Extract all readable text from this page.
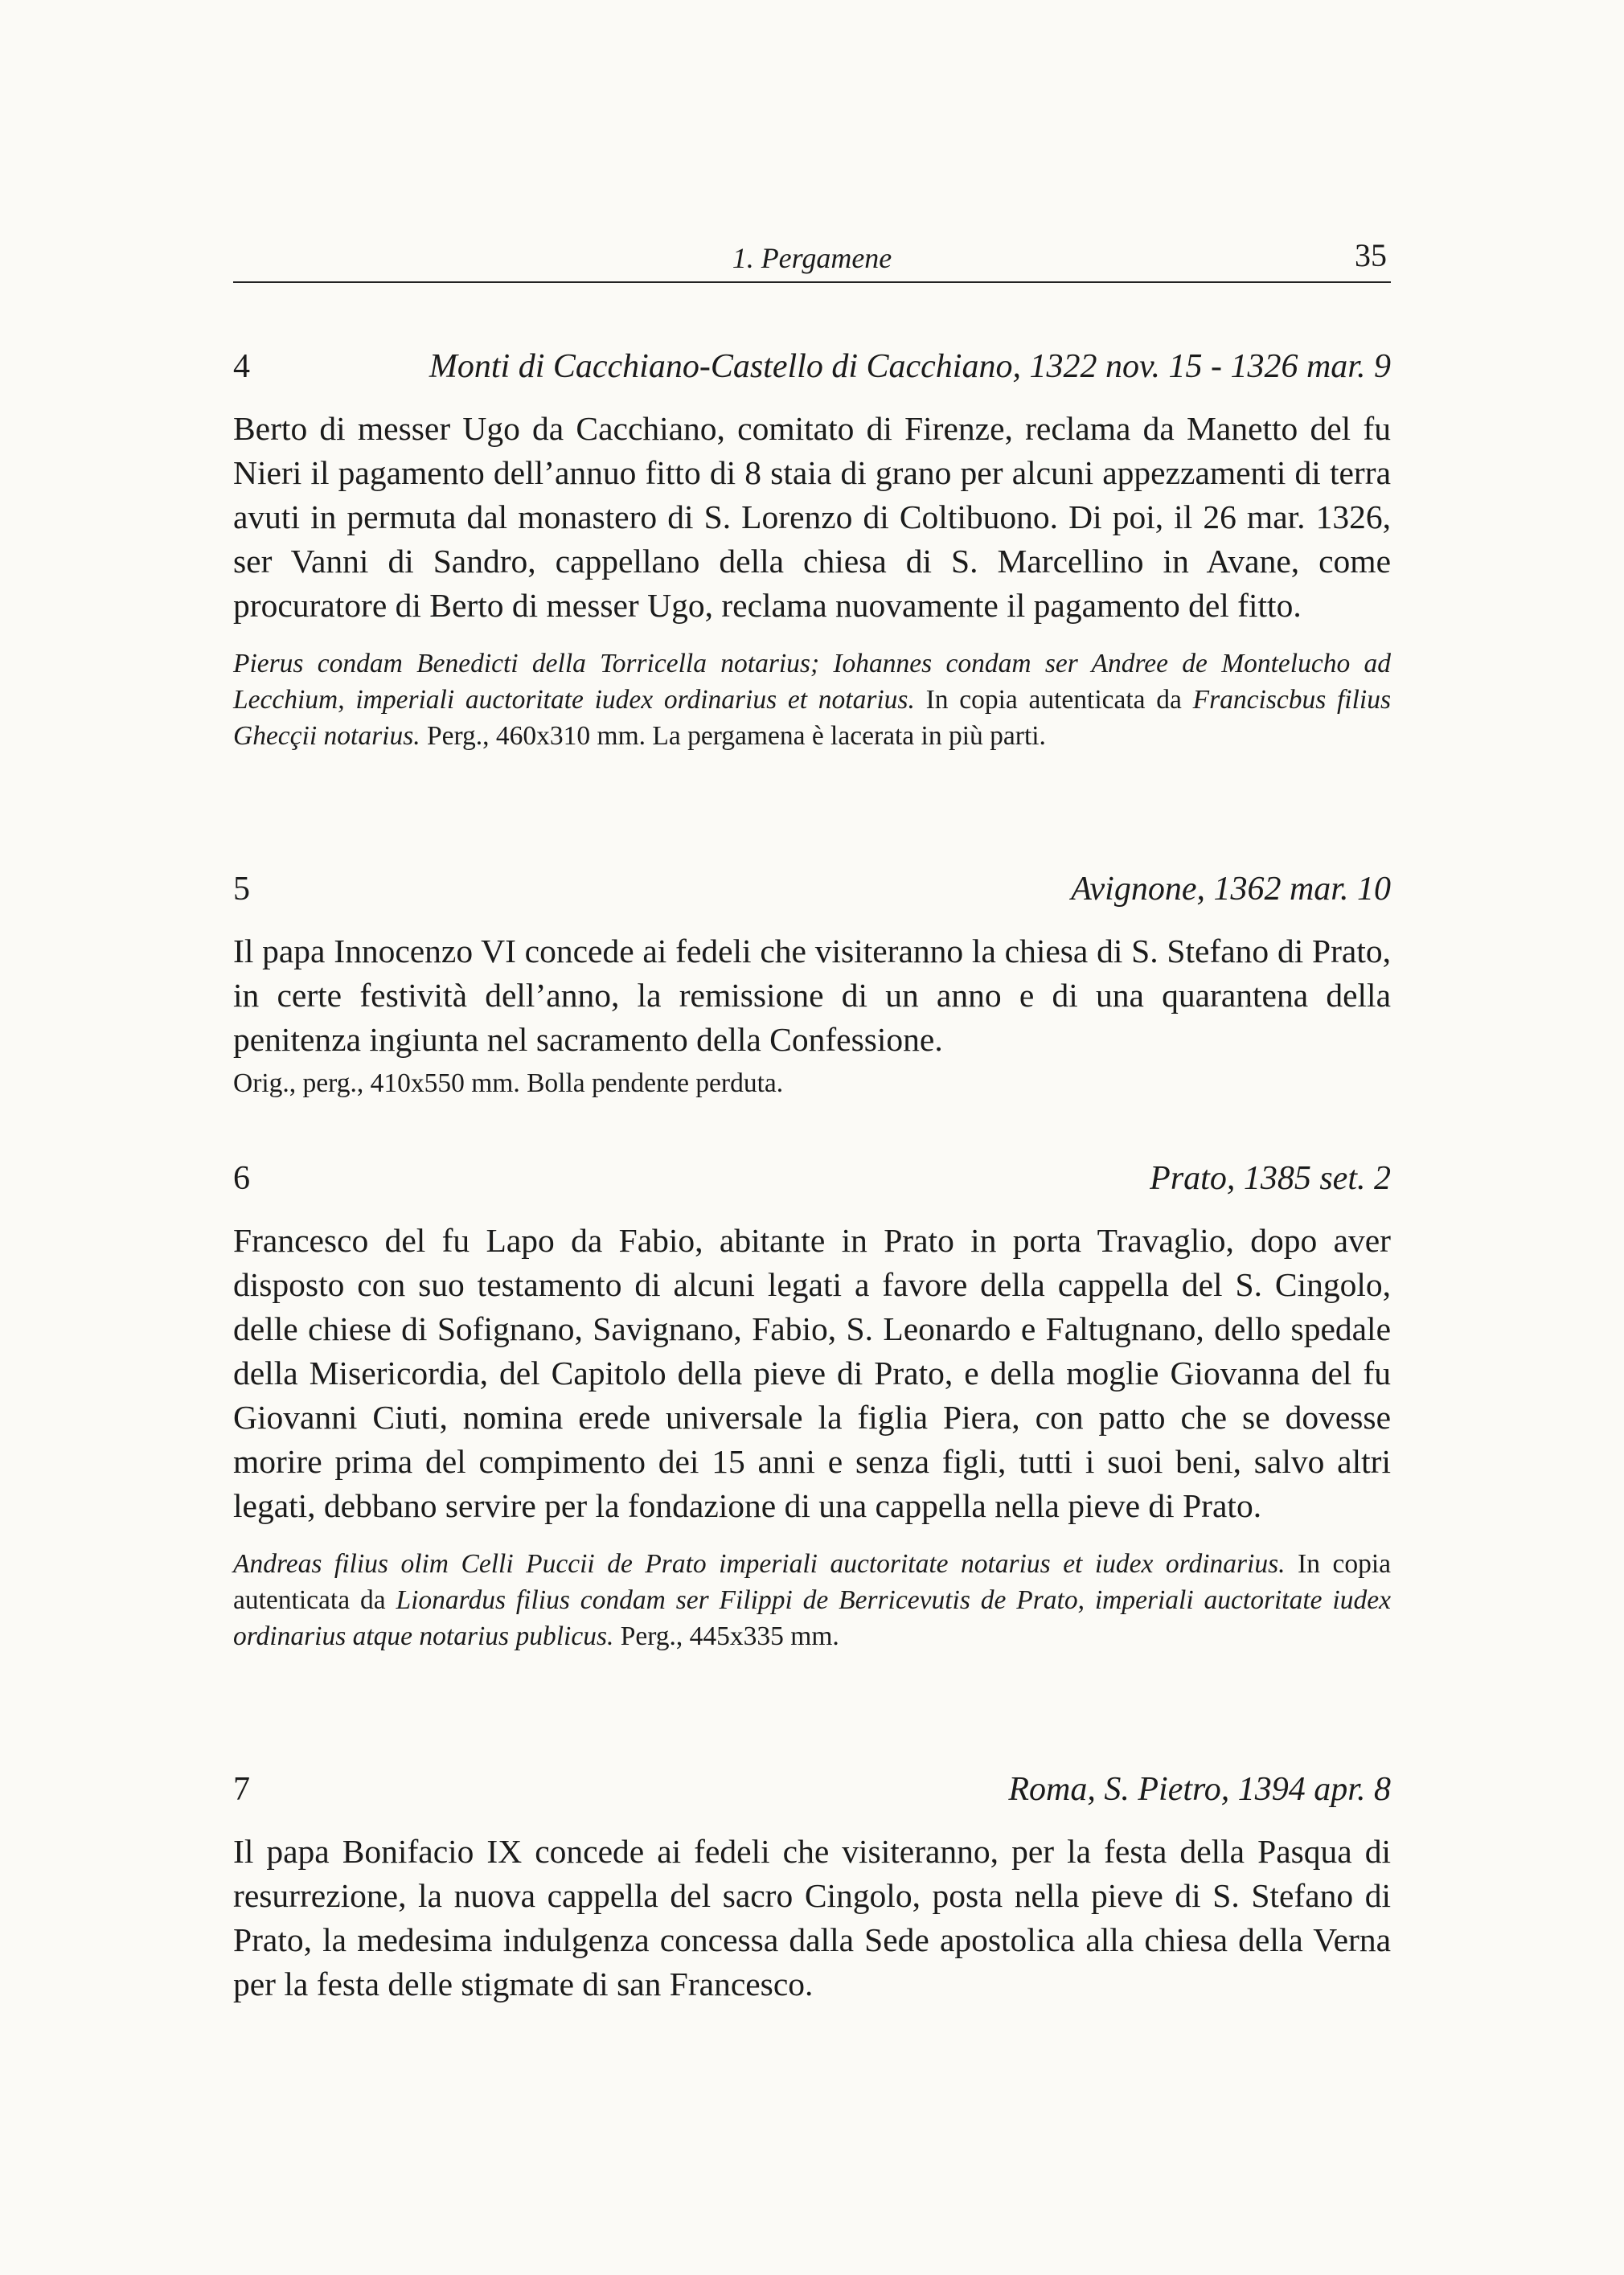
1. Pergamene	35
4	Monti di Cacchiano-Castello di Cacchiano, 1322 nov. 15 - 1326 mar. 9

Berto di messer Ugo da Cacchiano, comitato di Firenze, reclama da Manetto del fu Nieri il pagamento dell’annuo fitto di 8 staia di grano per alcuni appezzamenti di terra avuti in permuta dal monastero di S. Lorenzo di Coltibuono. Di poi, il 26 mar. 1326, ser Vanni di Sandro, cappellano della chiesa di S. Marcellino in Avane, come procuratore di Berto di messer Ugo, reclama nuovamente il pagamento del fitto.

Pierus condam Benedicti della Torricella notarius; Iohannes condam ser Andree de Monteluchо ad Lecchium, imperiali auctoritate iudex ordinarius et notarius. In copia autenticata da Franciscbus filius Ghecçii notarius. Perg., 460x310 mm. La pergamena è lacerata in più parti.

5	Avignone, 1362 mar. 10

Il papa Innocenzo VI concede ai fedeli che visiteranno la chiesa di S. Stefano di Prato, in certe festività dell’anno, la remissione di un anno e di una quarantena della penitenza ingiunta nel sacramento della Confessione.

Orig., perg., 410x550 mm. Bolla pendente perduta.

6	Prato, 1385 set. 2

Francesco del fu Lapo da Fabio, abitante in Prato in porta Travaglio, dopo aver disposto con suo testamento di alcuni legati a favore della cappella del S. Cingolo, delle chiese di Sofignano, Savignano, Fabio, S. Leonardo e Faltugnano, dello spedale della Misericordia, del Capitolo della pieve di Prato, e della moglie Giovanna del fu Giovanni Ciuti, nomina erede universale la figlia Piera, con patto che se dovesse morire prima del compimento dei 15 anni e senza figli, tutti i suoi beni, salvo altri legati, debbano servire per la fondazione di una cappella nella pieve di Prato.

Andreas filius olim Celli Puccii de Prato imperiali auctoritate notarius et iudex ordinarius. In copia autenticata da Lionardus filius condam ser Filippi de Berricevutis de Prato, imperiali auctoritate iudex ordinarius atque notarius publicus. Perg., 445x335 mm.

7	Roma, S. Pietro, 1394 apr. 8

Il papa Bonifacio IX concede ai fedeli che visiteranno, per la festa della Pasqua di resurrezione, la nuova cappella del sacro Cingolo, posta nella pieve di S. Stefano di Prato, la medesima indulgenza concessa dalla Sede apostolica alla chiesa della Verna per la festa delle stigmate di san Francesco.
